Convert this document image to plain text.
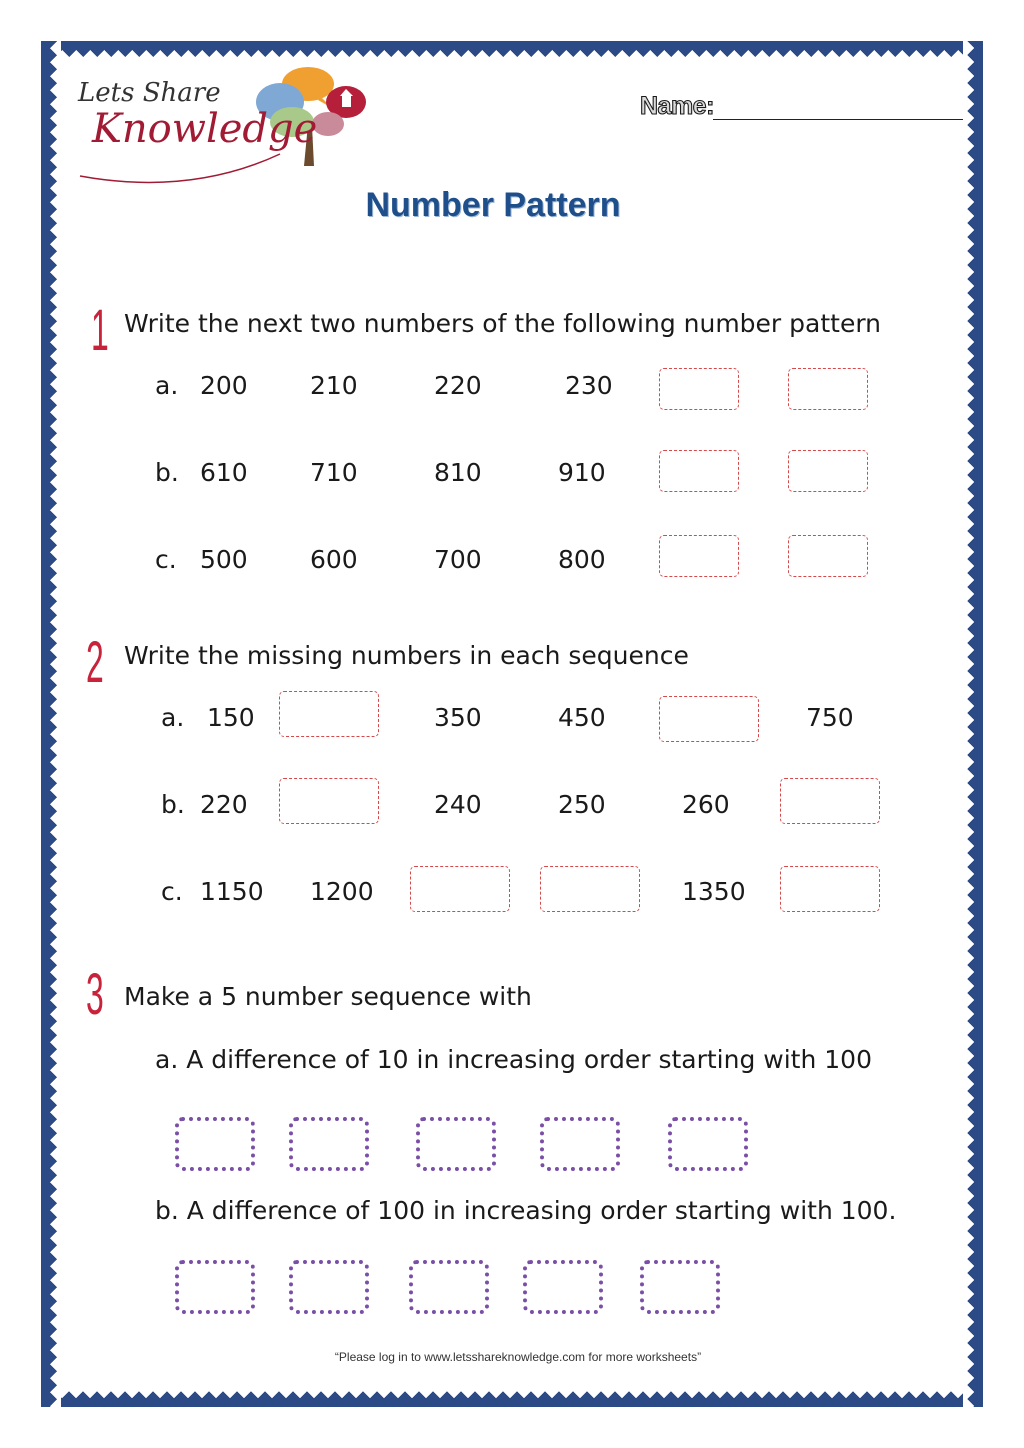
Lets Share
Knowledge	Name:
Number Pattern
1 Write the next two numbers of the following number pattern
a. 200 210	220	230
b. 610 710	810	910
c. 500 600	700	800
2 Write the missing numbers in each sequence
a. 150	350	450	750
b. 220	240	250	260
c. 1150 1200	1350
3 Make a 5 number sequence with
a. A difference of 10 in increasing order starting with 100
b. A difference of 100 in increasing order starting with 100.
“Please log in to www.letsshareknowledge.com for more worksheets”
